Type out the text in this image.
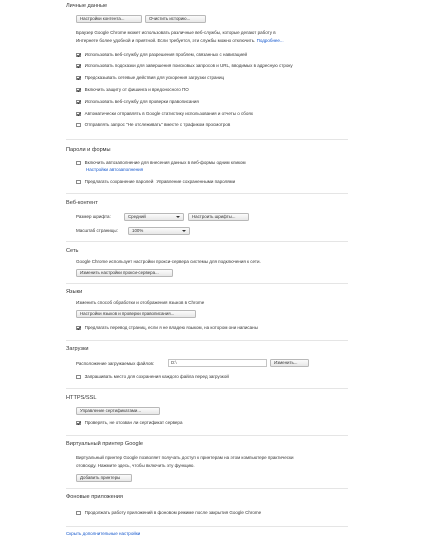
Личные данные
Настройки контента...	Очистить историю...
Браузер Google Chrome может использовать различные веб-службы, которые делают работу в
Интернете более удобной и приятной. Если требуется, эти службы можно отключить. Подробнее...
Использовать веб-службу для разрешения проблем, связанных с навигацией
Использовать подсказки для завершения поисковых запросов и URL, вводимых в адресную строку
Предсказывать сетевые действия для ускорения загрузки страниц
Включить защиту от фишинга и вредоносного ПО
Использовать веб-службу для проверки правописания
Автоматически отправлять в Google статистику использования и отчеты о сбоях
Отправлять запрос "Не отслеживать" вместе с трафиком просмотров
Пароли и формы
Включить автозаполнение для внесения данных в веб-формы одним кликом
Настройки автозаполнения
Предлагать сохранение паролей Управление сохраненными паролями
Веб-контент
Размер шрифта:	Средний	Настроить шрифты...
Масштаб страницы:	100%
Сеть
Google Chrome использует настройки прокси-сервера системы для подключения к сети.
Изменить настройки прокси-сервера...
Языки
Изменить способ обработки и отображения языков в Chrome
Настройки языков и проверки правописания...
Предлагать перевод страниц, если я не владею языком, на котором они написаны
Загрузки
Расположение загружаемых файлов:	D:\	Изменить...
Запрашивать место для сохранения каждого файла перед загрузкой
HTTPS/SSL
Управление сертификатами...
Проверять, не отозван ли сертификат сервера
Виртуальный принтер Google
Виртуальный принтер Google позволяет получать доступ к принтерам на этом компьютере практически
отовсюду. Нажмите здесь, чтобы включить эту функцию.
Добавить принтеры
Фоновые приложения
Продолжать работу приложений в фоновом режиме после закрытия Google Chrome
Скрыть дополнительные настройки
